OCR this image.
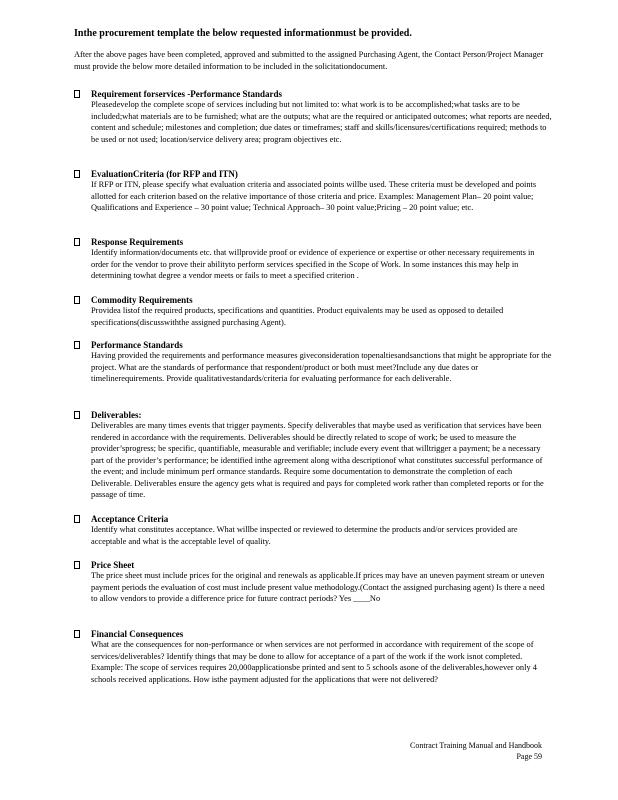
Inthe procurement template the below requested informationmust be provided.
After the above pages have been completed, approved and submitted to the assigned Purchasing Agent, the Contact Person/Project Manager must provide the below more detailed information to be included in the solicitationdocument.
Requirement forservices -Performance Standards
Pleasedevelop the complete scope of services including but not limited to: what work is to be accomplished;what tasks are to be included;what materials are to be furnished; what are the outputs; what are the required or anticipated outcomes; what reports are needed, content and schedule; milestones and completion; due dates or timeframes; staff and skills/licensures/certifications required; methods to be used or not used; location/service delivery area; program objectives etc.
EvaluationCriteria (for RFP and ITN)
If RFP or ITN, please specify what evaluation criteria and associated points willbe used. These criteria must be developed and points allotted for each criterion based on the relative importance of those criteria and price. Examples: Management Plan– 20 point value; Qualifications and Experience – 30 point value; Technical Approach– 30 point value;Pricing – 20 point value; etc.
Response Requirements
Identify information/documents etc. that willprovide proof or evidence of experience or expertise or other necessary requirements in order for the vendor to prove their abilityto perform services specified in the Scope of Work. In some instances this may help in determining towhat degree a vendor meets or fails to meet a specified criterion .
Commodity Requirements
Providea listof the required products, specifications and quantities. Product equivalents may be used as opposed to detailed specifications(discusswiththe assigned purchasing Agent).
Performance Standards
Having provided the requirements and performance measures giveconsideration topenaltiesandsanctions that might be appropriate for the project. What are the standards of performance that respondent/product or both must meet?Include any due dates or timelinerequirements. Provide qualitativestandards/criteria for evaluating performance for each deliverable.
Deliverables:
Deliverables are many times events that trigger payments. Specify deliverables that maybe used as verification that services have been rendered in accordance with the requirements. Deliverables should be directly related to scope of work; be used to measure the provider’sprogress; be specific, quantifiable, measurable and verifiable; include every event that willtrigger a payment; be a necessary part of the provider’s performance; be identified inthe agreement along witha descriptionof what constitutes successful performance of the event; and include minimum perf ormance standards. Require some documentation to demonstrate the completion of each Deliverable. Deliverables ensure the agency gets what is required and pays for completed work rather than completed reports or for the passage of time.
Acceptance Criteria
Identify what constitutes acceptance. What willbe inspected or reviewed to determine the products and/or services provided are acceptable and what is the acceptable level of quality.
Price Sheet
The price sheet must include prices for the original and renewals as applicable.If prices may have an uneven payment stream or uneven payment periods the evaluation of cost must include present value methodology.(Contact the assigned purchasing agent) Is there a need to allow vendors to provide a difference price for future contract periods? Yes ____No
Financial Consequences
What are the consequences for non-performance or when services are not performed in accordance with requirement of the scope of services/deliverables? Identify things that may be done to allow for acceptance of a part of the work if the work isnot completed. Example: The scope of services requires 20,000applicationsbe printed and sent to 5 schools asone of the deliverables,however only 4 schools received applications. How isthe payment adjusted for the applications that were not delivered?
Contract Training Manual and Handbook
Page 59
